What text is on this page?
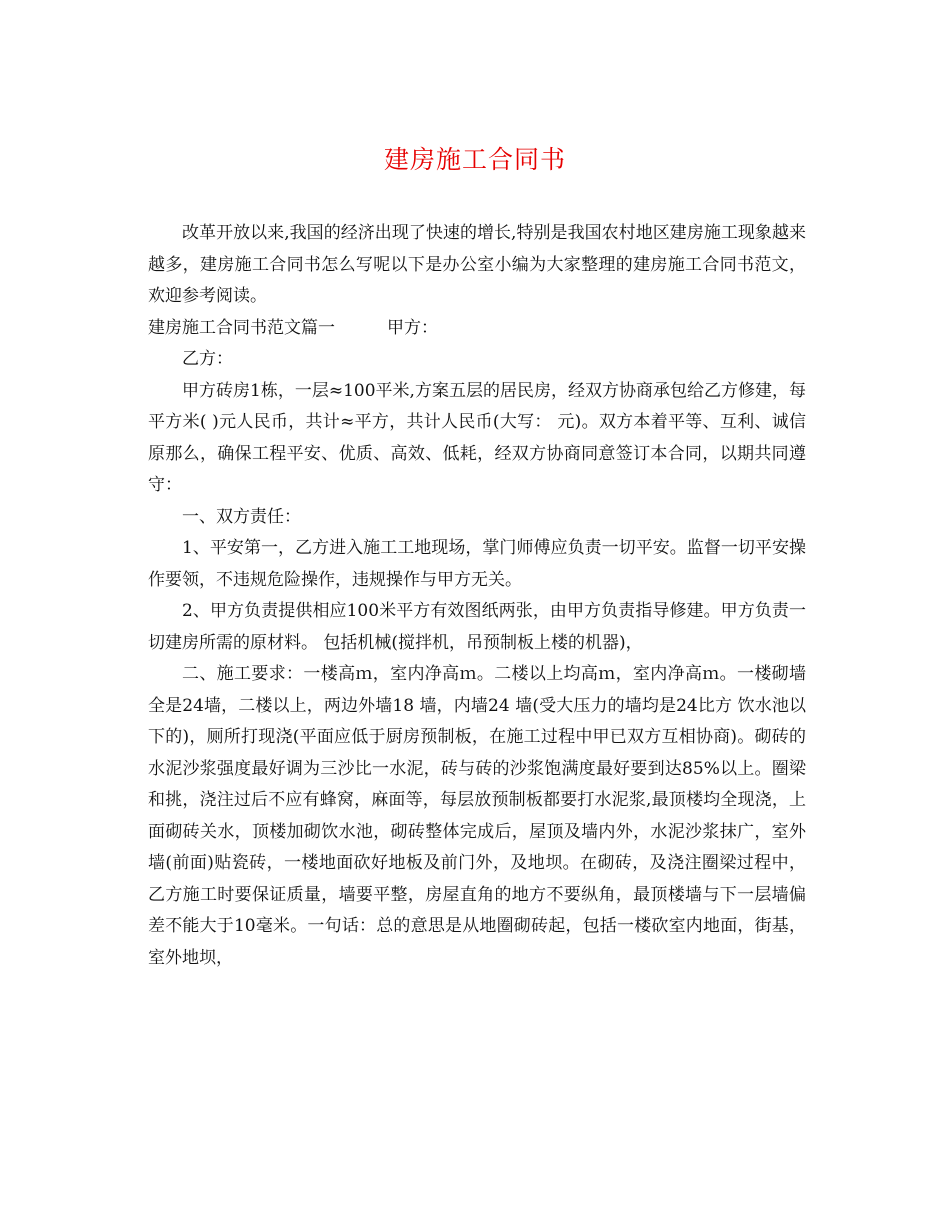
建房施工合同书

改革开放以来,我国的经济出现了快速的增长,特别是我国农村地区建房施工现象越来越多，建房施工合同书怎么写呢以下是办公室小编为大家整理的建房施工合同书范文，欢迎参考阅读。

建房施工合同书范文篇一	甲方：

乙方：

甲方砖房1栋，一层≈100平米,方案五层的居民房，经双方协商承包给乙方修建，每平方米( )元人民币，共计≈平方，共计人民币(大写： 元)。双方本着平等、互利、诚信原那么，确保工程平安、优质、高效、低耗，经双方协商同意签订本合同，以期共同遵守：

一、双方责任：

1、平安第一，乙方进入施工工地现场，掌门师傅应负责一切平安。监督一切平安操作要领，不违规危险操作，违规操作与甲方无关。

2、甲方负责提供相应100米平方有效图纸两张，由甲方负责指导修建。甲方负责一切建房所需的原材料。 包括机械(搅拌机，吊预制板上楼的机器)，

二、施工要求：一楼高ｍ，室内净高ｍ。二楼以上均高ｍ，室内净高ｍ。一楼砌墙全是24墙，二楼以上，两边外墙18 墙，内墙24 墙(受大压力的墙均是24比方 饮水池以下的)，厕所打现浇(平面应低于厨房预制板，在施工过程中甲已双方互相协商)。砌砖的水泥沙浆强度最好调为三沙比一水泥，砖与砖的沙浆饱满度最好要到达85%以上。圈梁和挑，浇注过后不应有蜂窝，麻面等，每层放预制板都要打水泥浆,最顶楼均全现浇，上面砌砖关水，顶楼加砌饮水池，砌砖整体完成后，屋顶及墙内外，水泥沙浆抹广，室外墙(前面)贴瓷砖，一楼地面砍好地板及前门外，及地坝。在砌砖，及浇注圈梁过程中，乙方施工时要保证质量，墙要平整，房屋直角的地方不要纵角，最顶楼墙与下一层墙偏差不能大于10毫米。一句话：总的意思是从地圈砌砖起，包括一楼砍室内地面，街基，室外地坝，
